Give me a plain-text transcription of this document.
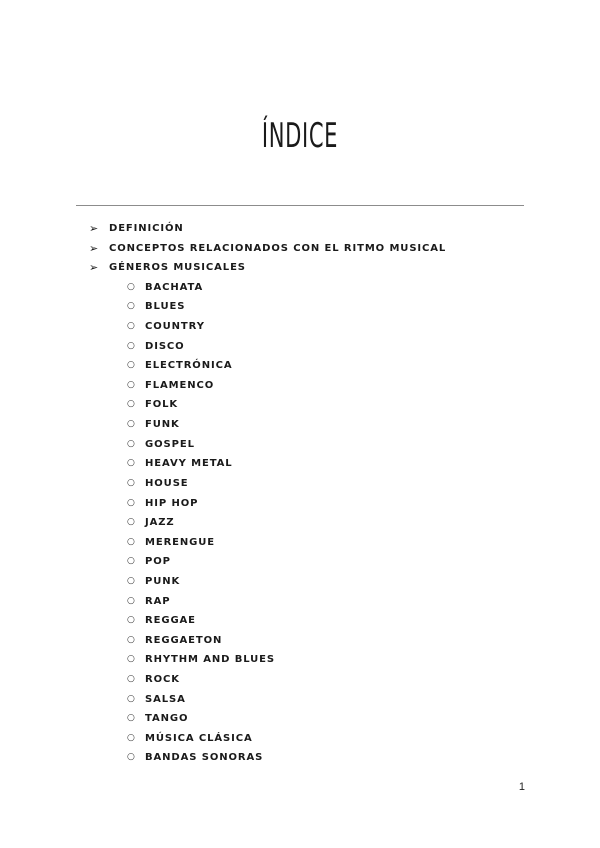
ÍNDICE
➢ DEFINICIÓN
➢ CONCEPTOS RELACIONADOS CON EL RITMO MUSICAL
➢ GÉNEROS MUSICALES
○ BACHATA
○ BLUES
○ COUNTRY
○ DISCO
○ ELECTRÓNICA
○ FLAMENCO
○ FOLK
○ FUNK
○ GOSPEL
○ HEAVY METAL
○ HOUSE
○ HIP HOP
○ JAZZ
○ MERENGUE
○ POP
○ PUNK
○ RAP
○ REGGAE
○ REGGAETON
○ RHYTHM AND BLUES
○ ROCK
○ SALSA
○ TANGO
○ MÚSICA CLÁSICA
○ BANDAS SONORAS
1
